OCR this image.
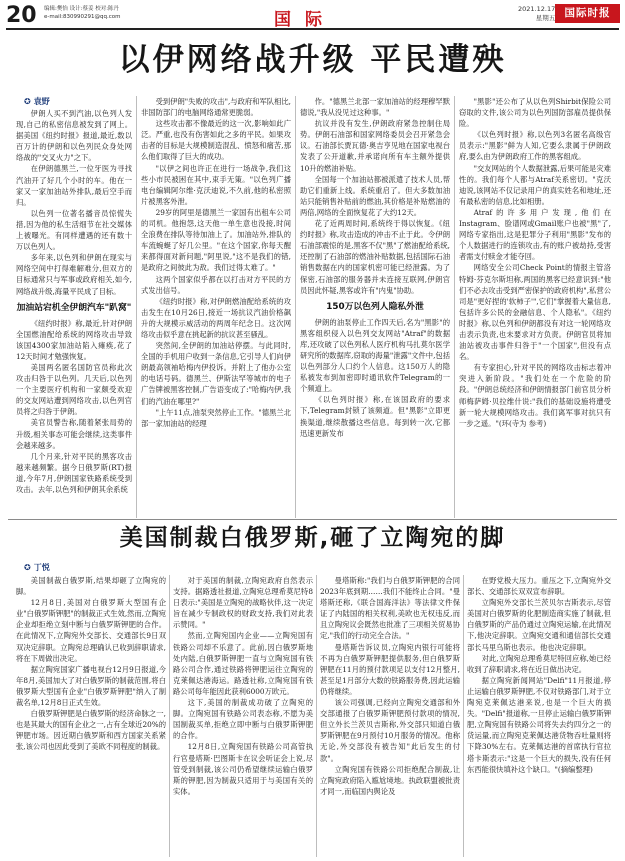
20 编辑:樊怡 设计:蔡姜 校对:陈丹
e-mail:830990291@qq.com	国际
2021.12.17
星期五 国际时报
以伊网络战升级 平民遭殃
✪ 袁野

伊朗人买不到汽油,以色列人发现,自己的私密信息被发到了网上。据美国《纽约时报》报道,最近,数以百万计的伊朗和以色列民众身处网络战的"交叉火力"之下。

在伊朗德黑兰,一位牙医为寻找汽油开了好几个小时的车。他在一家又一家加油站外排队,最后空手而归。

以色列一位著名播音员惊慌失措,因为他的私生活细节在社交媒体上被曝光。有同样遭遇的还有数十万以色列人。

多年来,以色列和伊朗在现实与网络空间中打得难解难分,但双方的目标通常只与军事或政府相关,如今,网络战升级,海量平民成了目标。

加油站宕机全伊朗汽车"趴窝"

《纽约时报》称,最近,针对伊朗全国燃油配给系统的网络攻击导致该国4300家加油站陷入瘫痪,花了12天时间才勉强恢复。

美国两名匿名国防官员称此次攻击归咎于以色列。几天后,以色列一个主要医疗机构和一家颇受欢迎的交友网站遭到网络攻击,以色列官员将之归咎于伊朗。

美官员警告称,随着紧张局势的升级,相关事态可能会继续,这类事件会越来越多。

几个月来,针对平民的黑客攻击越来越频繁。据今日俄罗斯(RT)报道,今年7月,伊朗国家铁路系统受到攻击。去年,以色列和伊朗其余系统

受到伊朗"失败的攻击",与政府和军队相比,非国防部门的电脑网络通常更脆弱。

这些攻击都不像最近的这一次,影响如此广泛。严重,也没有伤害如此之多的平民。如果攻击者的目标是大规模制造混乱、愤怒和痛苦,那么他们取得了巨大的成功。

"以伊之间也许正在进行一场战争,我们这些小市民被困在其中,束手无策。"以色列广播电台编辑阿尔维·克沃迪说,不久前,他的私密照片被黑客外泄。

29岁的阿里是德黑兰一家国有出租车公司的司机。他抱怨,这天他一单生意也没接,时间全浪费在排队等待加油上了。加油站外,排队的车流蜿蜒了好几公里。"在这个国家,你每天醒来都得面对新问题,"阿里说,"这不是我们的错,是政府之间彼此为敌。我们过得太难了。"

这两个国家似乎都在以打击对方平民的方式发出信号。

《纽约时报》称,对伊朗燃油配给系统的攻击发生在10月26日,接近一场抗议汽油价格飙升的大规模示威活动的两周年纪念日。这次网络攻击似乎意在挑起新的抗议甚至骚乱。

突然间,全伊朗的加油站停摆。与此同时,全国的手机用户收到一条信息,它引导人们向伊朗最高领袖哈梅内伊投诉。并附上了他办公室的电话号码。德黑兰、伊斯法罕等城市的电子广告牌被黑客控制,广告语变成了:"哈梅内伊,我们的汽油在哪里?"

"上午11点,油泵突然停止工作。"德黑兰北部一家加油站的经理

作。"德黑兰北部一家加油站的经理穆罕默德说,"我从没见过这种事。"

抗议并没有发生,伊朗政府紧急控制住局势。伊朗石油部和国家网络委员会召开紧急会议。石油部长贾瓦德·奥吉亨见地在国家电视台发表了公开道歉,并承诺向所有车主额外提供10升的燃油补贴。

全国每一个加油站都被派遣了技术人员,帮助它们重新上线。系统重启了。但大多数加油站只能销售补贴前的燃油,其价格是补贴燃油的两倍,网络的全面恢复花了大约12天。

花了近两周时间,系统终于得以恢复。《纽约时报》称,攻击造成的冲击不止于此。令伊朗石油部震惊的是,黑客不仅"黑"了燃油配给系统,还控制了石油部的燃油补贴数据,包括国际石油销售数据在内的国家机密可能已经泄露。为了保密,石油部的服务器并未连接互联网,伊朗官员因此怀疑,黑客或许有"内鬼"协助。

150万以色列人隐私外泄

伊朗的油泵停止工作四天后,名为"黑影"的黑客组织侵入以色列交友网站"Atraf"的数据库,还攻破了以色列私人医疗机构马扎莫尔医学研究所的数据库,窃取的海量"泄露"文件中,包括以色列部分人口约个人信息。这150万人的隐私被发布到加密即时通讯软件Telegram的一个频道上。

《以色列时报》称,在该国政府的要求下,Telegram封锁了该频道。但"黑影"立即更换渠道,继续散播这些信息。每到转一次,它都迅速更新发布

"黑影"还公布了从以色列Shirbit保险公司窃取的文件,该公司为以色列国防部雇员提供保险。

《以色列时报》称,以色列3名匿名高级官员表示:"黑影"鲜为人知,它要么隶属于伊朗政府,要么由为伊朗政府工作的黑客组成。

"交友网站的个人数据泄露,后果可能是灾难性的。我们每个人都与Atraf关系密切。"克沃迪说,该网站不仅记录用户的真实姓名和地址,还有最私密的信息,比如相册。

Atraf的许多用户发现,他们在Instagram、脸谱网或Gmail账户也被"黑"了,网络专家指出,这是犯罪分子利用"黑影"发布的个人数据进行的连锁攻击,有的账户被劫持,受害者需支付赎金才能夺回。

网络安全公司Check Point的情报主管洛特姆·芬克尔斯坦称,两国的黑客已经意识到:"他们不必去攻击受到严密保护的政府机构",私营公司是"更好捏的'软柿子'",它们"掌握着大量信息,包括许多公民的金融信息、个人隐私"。《纽约时报》称,以色列和伊朗都没有对这一轮网络攻击表示负责,也未要求对方负责。伊朗官员将加油站被攻击事件归咎于"一个国家",但没有点名。

有专家担心,针对平民的网络攻击标志着冲突进入新阶段。"我们处在一个危险的阶段。"伊朗总统经济和伊朗情报部门前官员分析师梅萨姆·贝拉维什说:"我们的基础设施将遭受新一轮大规模网络攻击。我们离军事对抗只有一步之遥。"(环(寺为 参考)

美国制裁白俄罗斯,砸了立陶宛的脚
✪ 丁悦

美国制裁白俄罗斯,结果却砸了立陶宛的脚。

12月8日,美国对白俄罗斯大型国有企业"白俄罗斯钾肥"的制裁正式生效,然而,立陶宛企业却拒绝立刻中断与白俄罗斯钾肥的合作。在此情况下,立陶宛外交部长、交通部长9日双双决定辞职。立陶宛总理确认已收到辞职请求,将在下周做出决定。

据立陶宛国家广播电视台12月9日报道,今年8月,美国加大了对白俄罗斯的制裁范围,将白俄罗斯大型国有企业"白俄罗斯钾肥"纳入了制裁名单,12月8日正式生效。

白俄罗斯钾肥是白俄罗斯的经济命脉之一,也是其最大的国有企业之一,占有全球近20%的钾肥市场。因近期白俄罗斯和西方国家关系紧张,该公司也因此受到了美欧不同程度的制裁。

对于美国的制裁,立陶宛政府自然表示支持。据路透社报道,立陶宛总理希莫尼特8日表示:"美国是立陶宛的战略伙伴,这一决定旨在减少专制政权的财政支持,我们对此表示赞同。"

然而,立陶宛国内企业——立陶宛国有铁路公司却不乐意了。此前,因白俄罗斯地处内陆,白俄罗斯钾肥一直与立陶宛国有铁路公司合作,通过铁路将钾肥运往立陶宛的克莱佩达港海运。路透社称,立陶宛国有铁路公司每年能因此获利6000万欧元。

这下,美国的制裁成功破了立陶宛的脚。立陶宛国有铁路公司表态称,不愿为美国制裁买单,拒绝立即中断与白俄罗斯钾肥的合作。

12月8日,立陶宛国有铁路公司高管执行官曼塔斯·巴图斯卡在议会听证会上说,尽管受到制裁,该公司仍希望继续运输白俄罗斯的钾肥,因为制裁只适用于与美国有关的实体。

曼塔斯称:"我们与白俄罗斯钾肥的合同2023年底到期……我们不能终止合同。"曼塔斯还称,《联合国海洋法》等法律文件保证了内陆国的相关权利,美欧也无权违反,而且立陶宛议会既然也批准了三项相关贸易协定,"我们的行动完全合法。"

曼塔斯告诉议员,立陶宛内银行可能将不再为白俄罗斯钾肥提供服务,但白俄罗斯钾肥在11月的预付款项足以支付12月整月,甚至足1月部分大数的铁路服务费,因此运输仍将继续。

该公司强调,已经向立陶宛交通部和外交部通报了白俄罗斯钾肥预付款项的情况,但立外长兰茨贝吉斯称,外交部只知道白俄罗斯钾肥在9月预付10月服务的情况。他称无论,外交部没有被告知"此后发生的付款"。

立陶宛国有铁路公司拒绝配合制裁,让立陶宛政府陷入尴尬境地。执政联盟被批责才同一,而临国内舆论及

在野党极大压力。重压之下,立陶宛外交部长、交通部长双双宣布辞职。

立陶宛外交部长兰茨贝尔吉斯表示,尽管美国对白俄罗斯的化肥制造商实施了制裁,但白俄罗斯的产品仍通过立陶宛运输,在此情况下,他决定辞职。立陶宛交通和通信部长交通部长马里乌斯也表示。他也决定辞职。

对此,立陶宛总理希莫尼特回应称,她已经收到了辞职请求,将在近日做出决定。

据立陶宛新闻网站"Delfi"11月报道,停止运输白俄罗斯钾肥,不仅对铁路部门,对于立陶宛克莱佩达港来说,也是一个巨大的损失。"Delfi"报道称,一旦停止运输白俄罗斯钾肥,立陶宛国有铁路公司将失去约四分之一的货运量,而立陶宛克莱佩达港货物吞吐量则将下降30%左右。克莱佩达港的首席执行官拉塔卡斯表示:"这是一个巨大的损失,没有任何东西能很快填补这个缺口。"(摘编整理)
